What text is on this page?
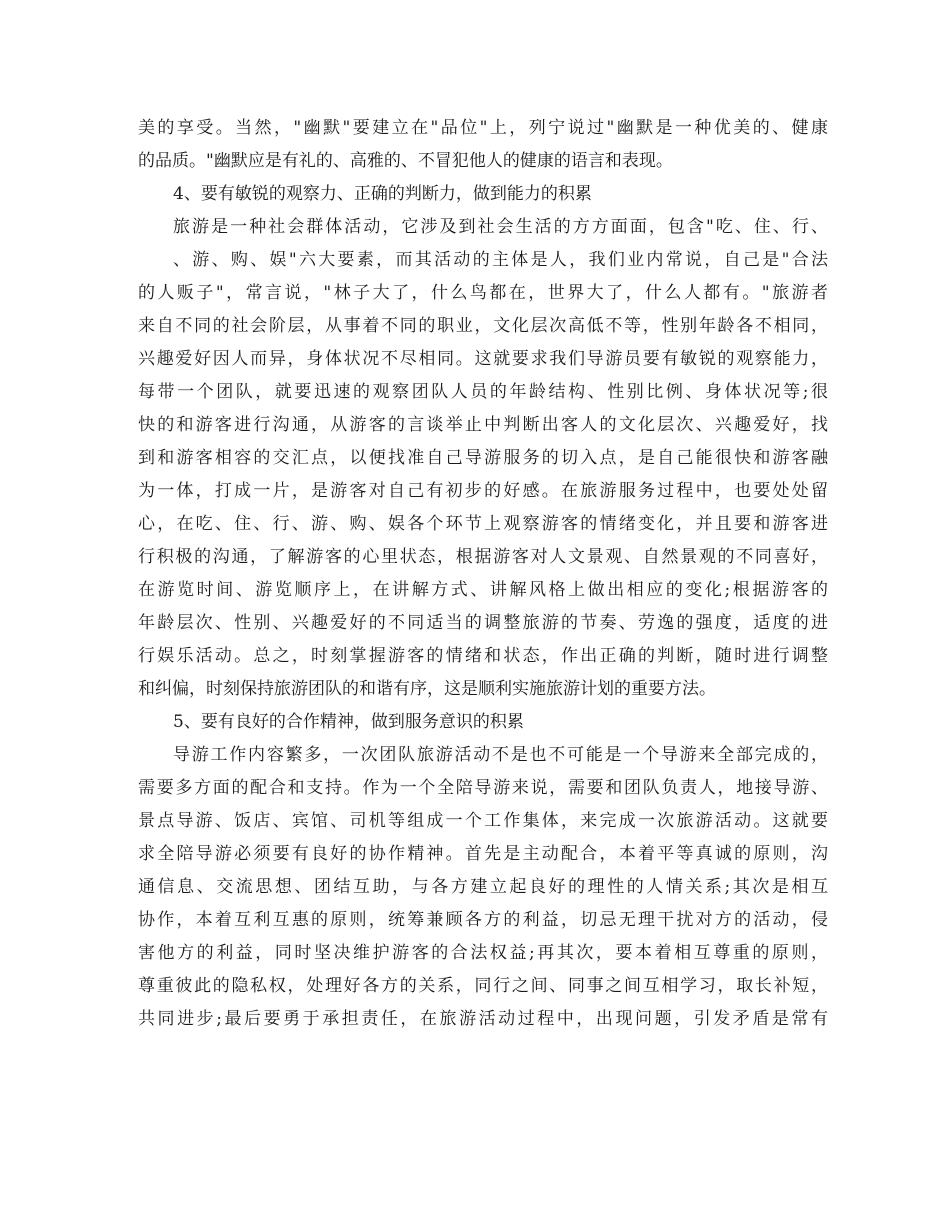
美的享受。当然，"幽默"要建立在"品位"上，列宁说过"幽默是一种优美的、健康
的品质。"幽默应是有礼的、高雅的、不冒犯他人的健康的语言和表现。
4、要有敏锐的观察力、正确的判断力，做到能力的积累
旅游是一种社会群体活动，它涉及到社会生活的方方面面，包含"吃、住、行、
、游、购、娱"六大要素，而其活动的主体是人，我们业内常说，自己是"合法
的人贩子"，常言说，"林子大了，什么鸟都在，世界大了，什么人都有。"旅游者
来自不同的社会阶层，从事着不同的职业，文化层次高低不等，性别年龄各不相同，
兴趣爱好因人而异，身体状况不尽相同。这就要求我们导游员要有敏锐的观察能力，
每带一个团队，就要迅速的观察团队人员的年龄结构、性别比例、身体状况等;很
快的和游客进行沟通，从游客的言谈举止中判断出客人的文化层次、兴趣爱好，找
到和游客相容的交汇点，以便找准自己导游服务的切入点，是自己能很快和游客融
为一体，打成一片，是游客对自己有初步的好感。在旅游服务过程中，也要处处留
心，在吃、住、行、游、购、娱各个环节上观察游客的情绪变化，并且要和游客进
行积极的沟通，了解游客的心里状态，根据游客对人文景观、自然景观的不同喜好，
在游览时间、游览顺序上，在讲解方式、讲解风格上做出相应的变化;根据游客的
年龄层次、性别、兴趣爱好的不同适当的调整旅游的节奏、劳逸的强度，适度的进
行娱乐活动。总之，时刻掌握游客的情绪和状态，作出正确的判断，随时进行调整
和纠偏，时刻保持旅游团队的和谐有序，这是顺利实施旅游计划的重要方法。
5、要有良好的合作精神，做到服务意识的积累
导游工作内容繁多，一次团队旅游活动不是也不可能是一个导游来全部完成的，
需要多方面的配合和支持。作为一个全陪导游来说，需要和团队负责人，地接导游、
景点导游、饭店、宾馆、司机等组成一个工作集体，来完成一次旅游活动。这就要
求全陪导游必须要有良好的协作精神。首先是主动配合，本着平等真诚的原则，沟
通信息、交流思想、团结互助，与各方建立起良好的理性的人情关系;其次是相互
协作，本着互利互惠的原则，统筹兼顾各方的利益，切忌无理干扰对方的活动，侵
害他方的利益，同时坚决维护游客的合法权益;再其次，要本着相互尊重的原则，
尊重彼此的隐私权，处理好各方的关系，同行之间、同事之间互相学习，取长补短，
共同进步;最后要勇于承担责任，在旅游活动过程中，出现问题，引发矛盾是常有
